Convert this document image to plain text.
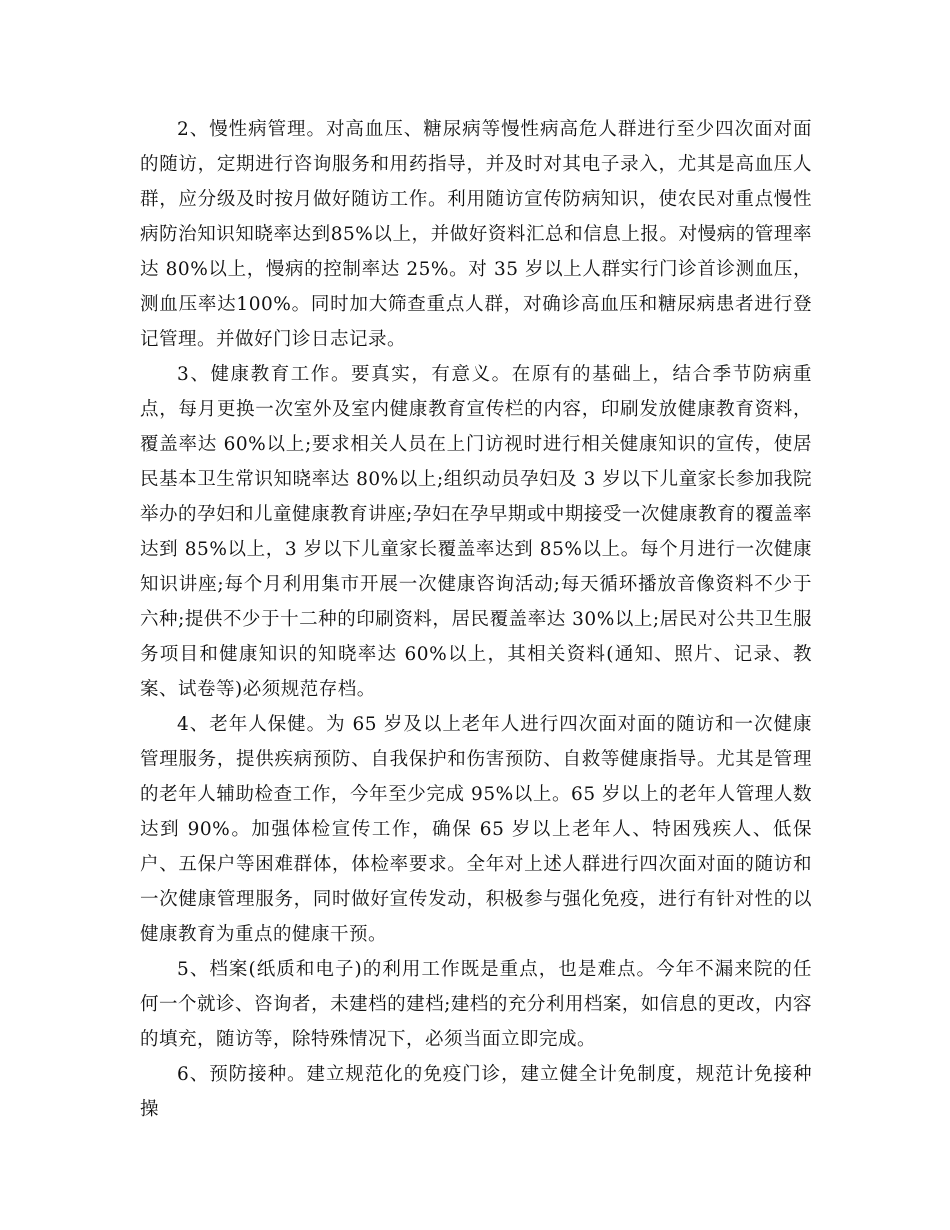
2、慢性病管理。对高血压、糖尿病等慢性病高危人群进行至少四次面对面的随访，定期进行咨询服务和用药指导，并及时对其电子录入，尤其是高血压人群，应分级及时按月做好随访工作。利用随访宣传防病知识，使农民对重点慢性病防治知识知晓率达到85%以上，并做好资料汇总和信息上报。对慢病的管理率达 80%以上，慢病的控制率达 25%。对 35 岁以上人群实行门诊首诊测血压，测血压率达100%。同时加大筛查重点人群，对确诊高血压和糖尿病患者进行登记管理。并做好门诊日志记录。

3、健康教育工作。要真实，有意义。在原有的基础上，结合季节防病重点，每月更换一次室外及室内健康教育宣传栏的内容，印刷发放健康教育资料，覆盖率达 60%以上;要求相关人员在上门访视时进行相关健康知识的宣传，使居民基本卫生常识知晓率达 80%以上;组织动员孕妇及 3 岁以下儿童家长参加我院举办的孕妇和儿童健康教育讲座;孕妇在孕早期或中期接受一次健康教育的覆盖率达到 85%以上，3 岁以下儿童家长覆盖率达到 85%以上。每个月进行一次健康知识讲座;每个月利用集市开展一次健康咨询活动;每天循环播放音像资料不少于六种;提供不少于十二种的印刷资料，居民覆盖率达 30%以上;居民对公共卫生服务项目和健康知识的知晓率达 60%以上，其相关资料(通知、照片、记录、教案、试卷等)必须规范存档。

4、老年人保健。为 65 岁及以上老年人进行四次面对面的随访和一次健康管理服务，提供疾病预防、自我保护和伤害预防、自救等健康指导。尤其是管理的老年人辅助检查工作，今年至少完成 95%以上。65 岁以上的老年人管理人数达到 90%。加强体检宣传工作，确保 65 岁以上老年人、特困残疾人、低保户、五保户等困难群体，体检率要求。全年对上述人群进行四次面对面的随访和一次健康管理服务，同时做好宣传发动，积极参与强化免疫，进行有针对性的以健康教育为重点的健康干预。

5、档案(纸质和电子)的利用工作既是重点，也是难点。今年不漏来院的任何一个就诊、咨询者，未建档的建档;建档的充分利用档案，如信息的更改，内容的填充，随访等，除特殊情况下，必须当面立即完成。

6、预防接种。建立规范化的免疫门诊，建立健全计免制度，规范计免接种操
